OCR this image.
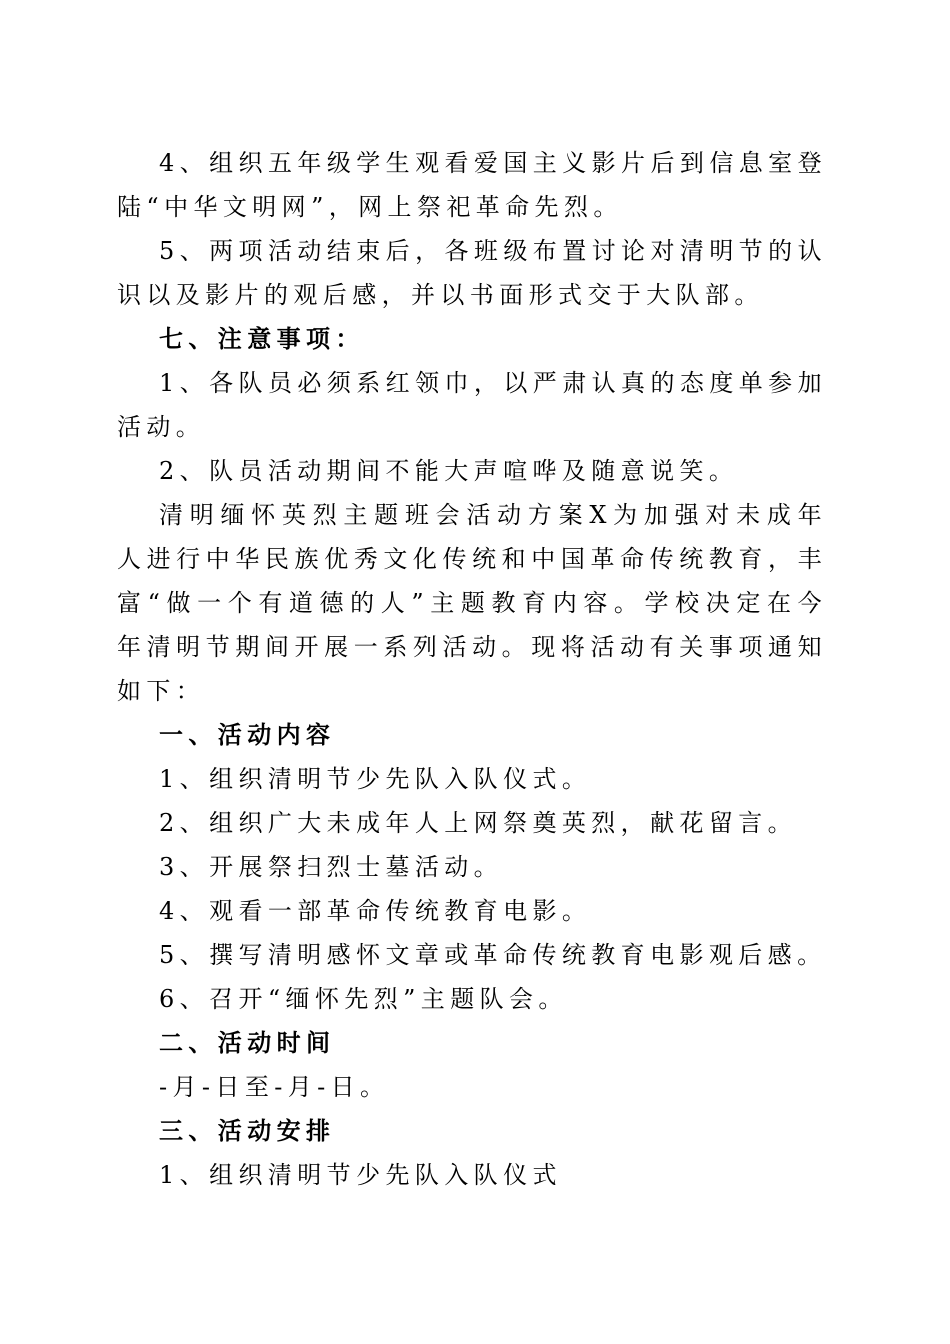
4、组织五年级学生观看爱国主义影片后到信息室登陆“中华文明网”，网上祭祀革命先烈。

5、两项活动结束后，各班级布置讨论对清明节的认识以及影片的观后感，并以书面形式交于大队部。

七、注意事项：

1、各队员必须系红领巾，以严肃认真的态度单参加活动。

2、队员活动期间不能大声喧哗及随意说笑。

清明缅怀英烈主题班会活动方案X为加强对未成年人进行中华民族优秀文化传统和中国革命传统教育，丰富“做一个有道德的人”主题教育内容。学校决定在今年清明节期间开展一系列活动。现将活动有关事项通知如下：

一、活动内容

1、组织清明节少先队入队仪式。

2、组织广大未成年人上网祭奠英烈，献花留言。

3、开展祭扫烈士墓活动。

4、观看一部革命传统教育电影。

5、撰写清明感怀文章或革命传统教育电影观后感。

6、召开“缅怀先烈”主题队会。

二、活动时间

-月-日至-月-日。

三、活动安排

1、组织清明节少先队入队仪式
